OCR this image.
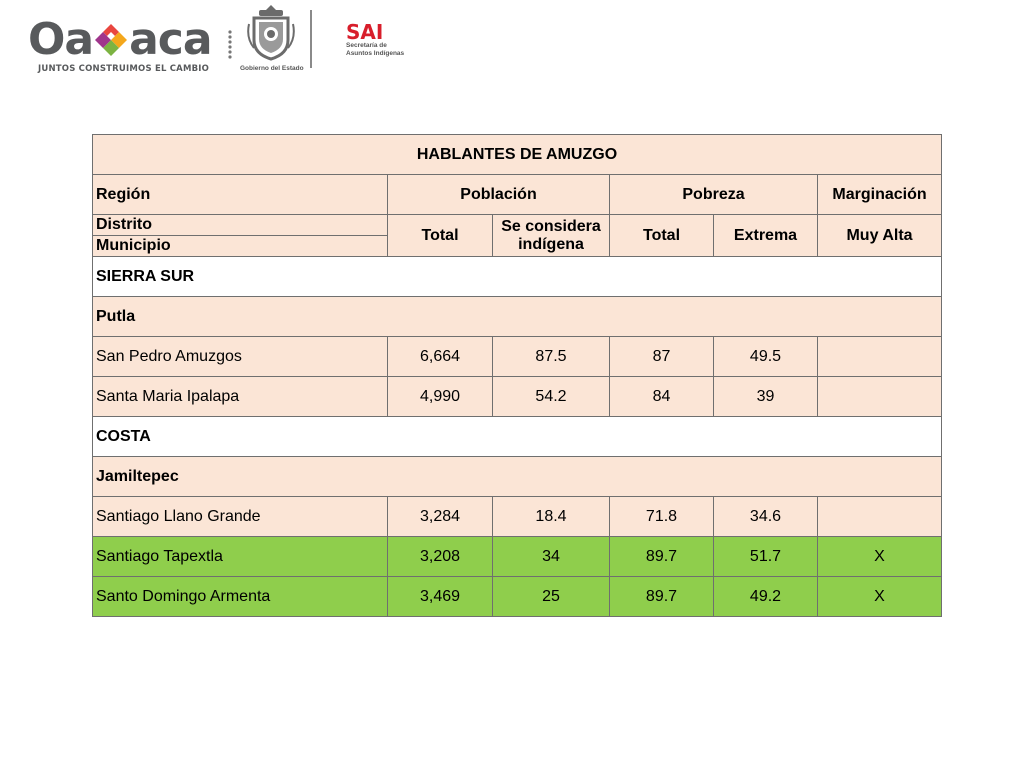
Oa aca
JUNTOS CONSTRUIMOS EL CAMBIO	Gobierno del Estado
SAI
Secretaría de
Asuntos Indígenas
HABLANTES DE AMUZGO					
Región	Población		Pobreza		Marginación
Distrito	Total	Se considera indígena	Total	Extrema	Muy Alta
Municipio					
SIERRA SUR					
Putla					
San Pedro Amuzgos	6,664	87.5	87	49.5	
Santa Maria Ipalapa	4,990	54.2	84	39	
COSTA					
Jamiltepec					
Santiago Llano Grande	3,284	18.4	71.8	34.6	
Santiago Tapextla	3,208	34	89.7	51.7	X
Santo Domingo Armenta	3,469	25	89.7	49.2	X
